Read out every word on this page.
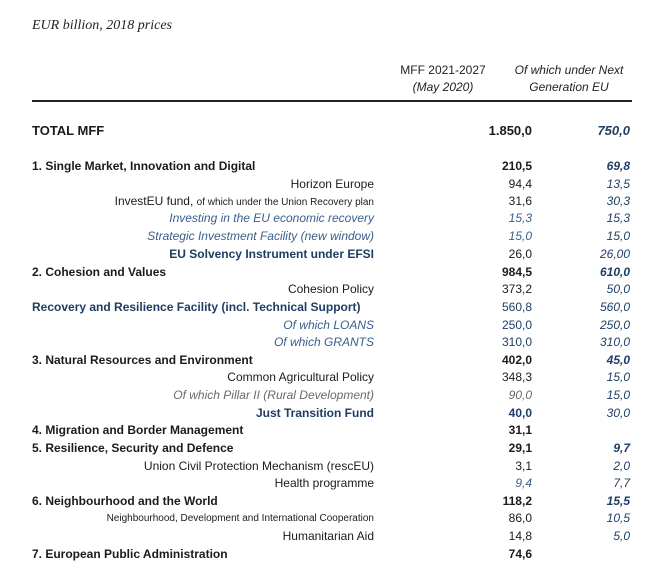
EUR billion, 2018 prices
MFF 2021-2027
(May 2020)
Of which under Next
Generation EU
TOTAL MFF	1.850,0	750,0
1. Single Market, Innovation and Digital	210,5	69,8
Horizon Europe	94,4	13,5
InvestEU fund, of which under the Union Recovery plan	31,6	30,3
Investing in the EU economic recovery	15,3	15,3
Strategic Investment Facility (new window)	15,0	15,0
EU Solvency Instrument under EFSI	26,0	26,00
2. Cohesion and Values	984,5	610,0
Cohesion Policy	373,2	50,0
Recovery and Resilience Facility (incl. Technical Support)	560,8	560,0
Of which LOANS	250,0	250,0
Of which GRANTS	310,0	310,0
3. Natural Resources and Environment	402,0	45,0
Common Agricultural Policy	348,3	15,0
Of which Pillar II (Rural Development)	90,0	15,0
Just Transition Fund	40,0	30,0
4. Migration and Border Management	31,1
5. Resilience, Security and Defence	29,1	9,7
Union Civil Protection Mechanism (rescEU)	3,1	2,0
Health programme	9,4	7,7
6. Neighbourhood and the World	118,2	15,5
Neighbourhood, Development and International Cooperation	86,0	10,5
Humanitarian Aid	14,8	5,0
7. European Public Administration	74,6
